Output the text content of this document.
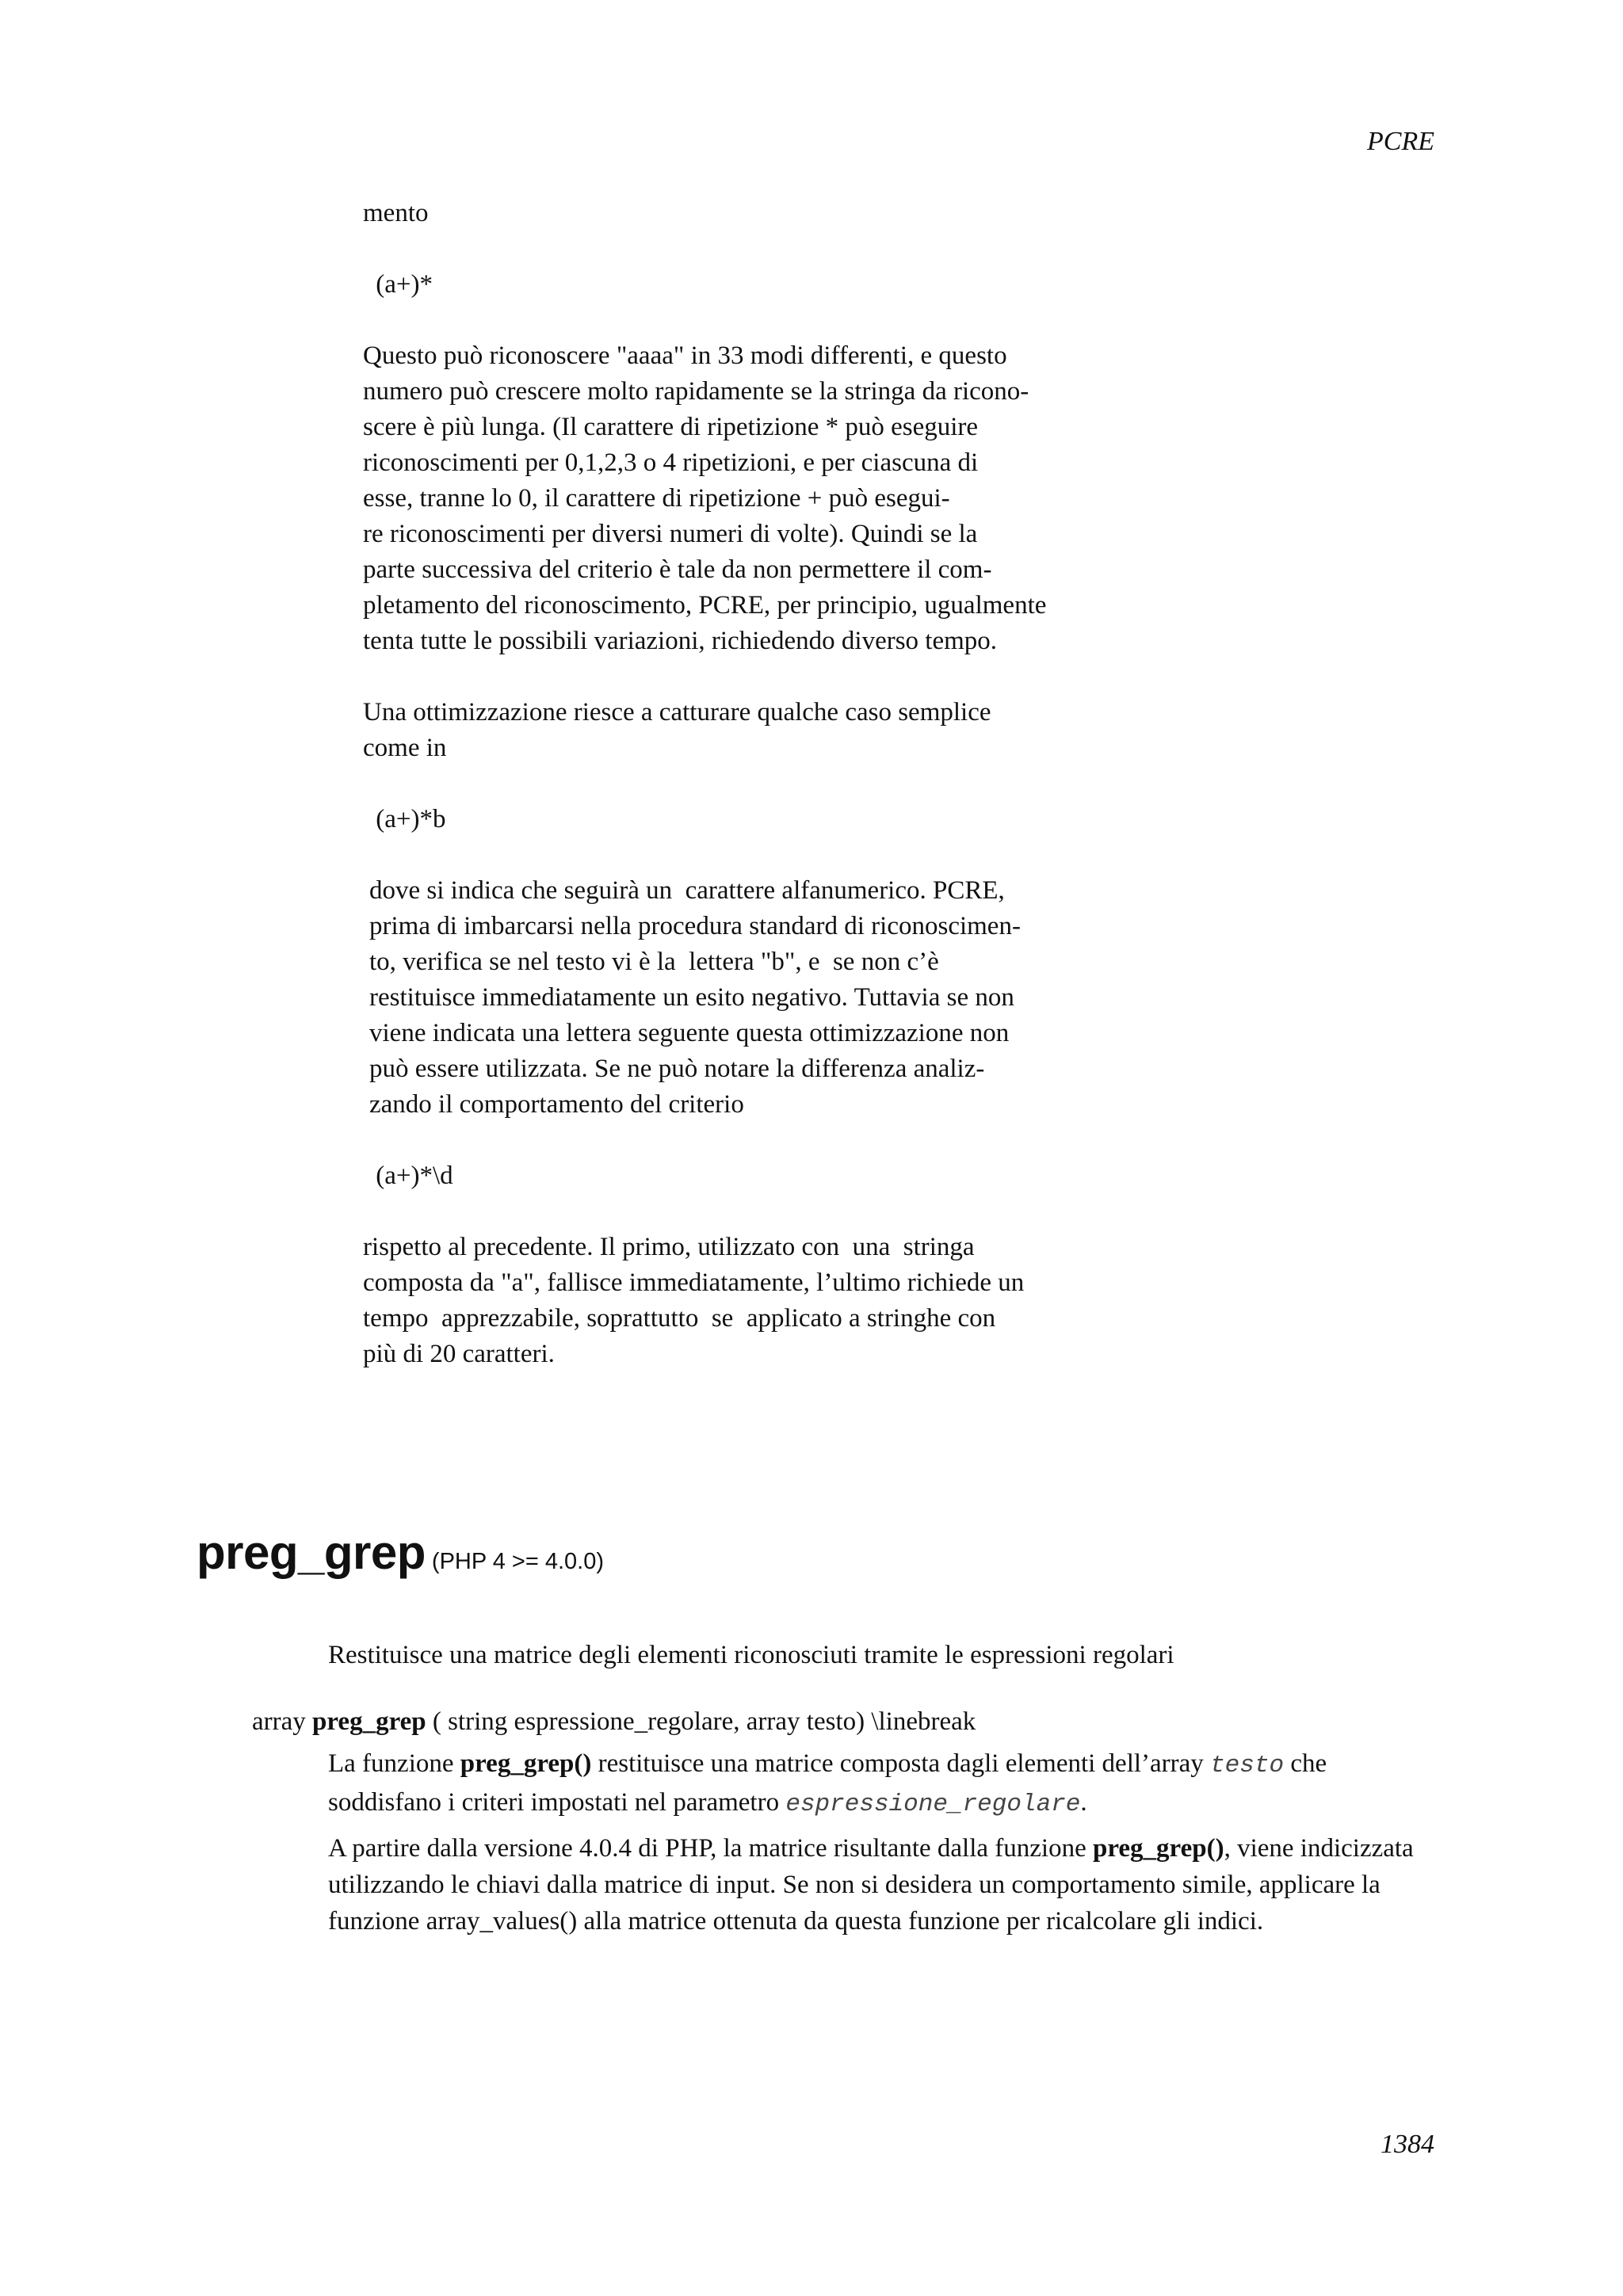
PCRE
mento
(a+)*
Questo può riconoscere "aaaa" in 33 modi differenti, e questo
numero può crescere molto rapidamente se la stringa da ricono-
scere è più lunga. (Il carattere di ripetizione * può eseguire
riconoscimenti per 0,1,2,3 o 4 ripetizioni, e per ciascuna di
esse, tranne lo 0, il carattere di ripetizione + può esegui-
re riconoscimenti per diversi numeri di volte). Quindi se la
parte successiva del criterio è tale da non permettere il com-
pletamento del riconoscimento, PCRE, per principio, ugualmente
tenta tutte le possibili variazioni, richiedendo diverso tempo.
Una ottimizzazione riesce a catturare qualche caso semplice
come in
(a+)*b
dove si indica che seguirà un  carattere alfanumerico. PCRE,
prima di imbarcarsi nella procedura standard di riconoscimen-
to, verifica se nel testo vi è la  lettera "b", e  se non c’è
restituisce immediatamente un esito negativo. Tuttavia se non
viene indicata una lettera seguente questa ottimizzazione non
può essere utilizzata. Se ne può notare la differenza analiz-
zando il comportamento del criterio
(a+)*\d
rispetto al precedente. Il primo, utilizzato con  una  stringa
composta da "a", fallisce immediatamente, l’ultimo richiede un
tempo  apprezzabile, soprattutto  se  applicato a stringhe con
più di 20 caratteri.
preg_grep (PHP 4 >= 4.0.0)
Restituisce una matrice degli elementi riconosciuti tramite le espressioni regolari
array preg_grep ( string espressione_regolare, array testo) \linebreak
La funzione preg_grep() restituisce una matrice composta dagli elementi dell’array testo che soddisfano i criteri impostati nel parametro espressione_regolare.
A partire dalla versione 4.0.4 di PHP, la matrice risultante dalla funzione preg_grep(), viene indicizzata utilizzando le chiavi dalla matrice di input. Se non si desidera un comportamento simile, applicare la funzione array_values() alla matrice ottenuta da questa funzione per ricalcolare gli indici.
1384
